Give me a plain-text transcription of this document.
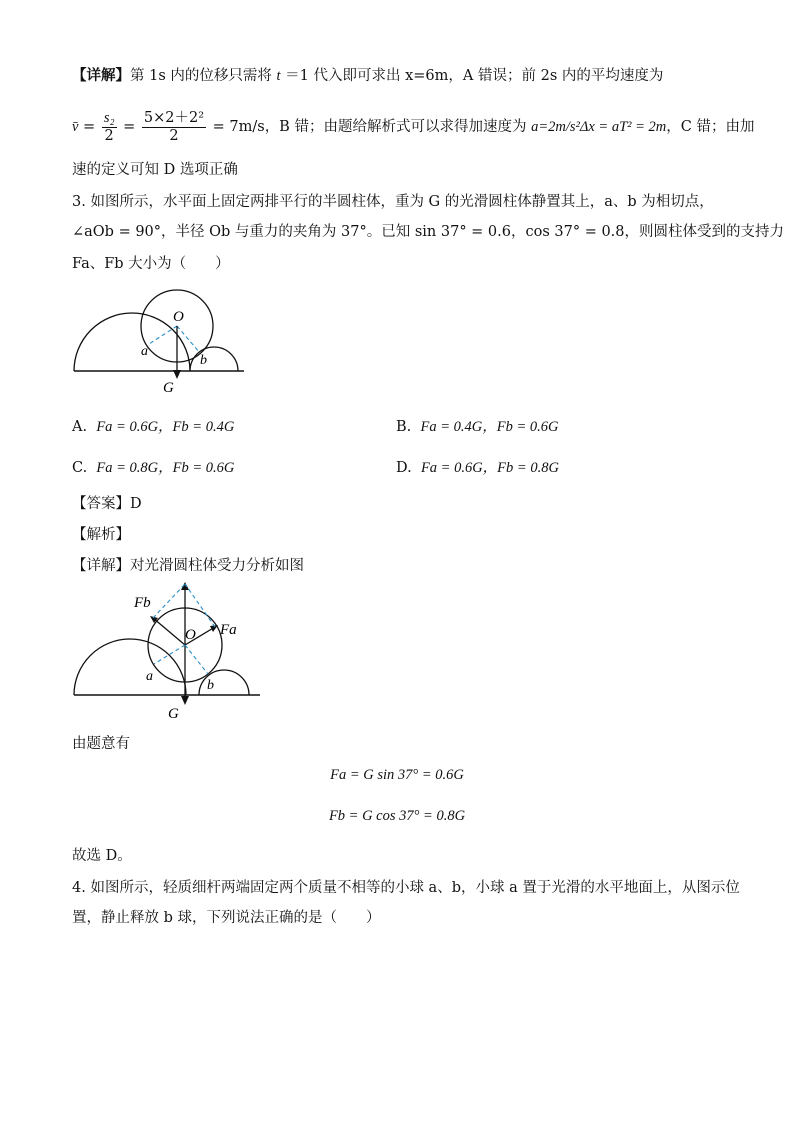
【详解】第 1s 内的位移只需将 t ＝1 代入即可求出 x=6m，A 错误；前 2s 内的平均速度为
v̄ = $\frac{\text{s₂}}{2} = \frac{\text{5×2＋2²}}{2} = 7m/s$，B 错；由题给解析式可以求得加速度为 a=2m/s²Δx = aT² = 2m，C 错；由加
速的定义可知 D 选项正确
3. 如图所示，水平面上固定两排平行的半圆柱体，重为 G 的光滑圆柱体静置其上，a、b 为相切点，
∠aOb = 90°，半径 Ob 与重力的夹角为 37°。已知 sin 37° = 0.6，cos 37° = 0.8，则圆柱体受到的支持力
Fa、Fb 大小为（　　）
O
a
b
G
A. Fa = 0.6G，Fb = 0.4G	B. Fa = 0.4G，Fb = 0.6G
C. Fa = 0.8G，Fb = 0.6G	D. Fa = 0.6G，Fb = 0.8G
【答案】D
【解析】
【详解】对光滑圆柱体受力分析如图
Fb
Fa
O
a
b
G
由题意有
Fa = G sin 37° = 0.6G
Fb = G cos 37° = 0.8G
故选 D。
4. 如图所示，轻质细杆两端固定两个质量不相等的小球 a、b，小球 a 置于光滑的水平地面上，从图示位
置，静止释放 b 球，下列说法正确的是（　　）
